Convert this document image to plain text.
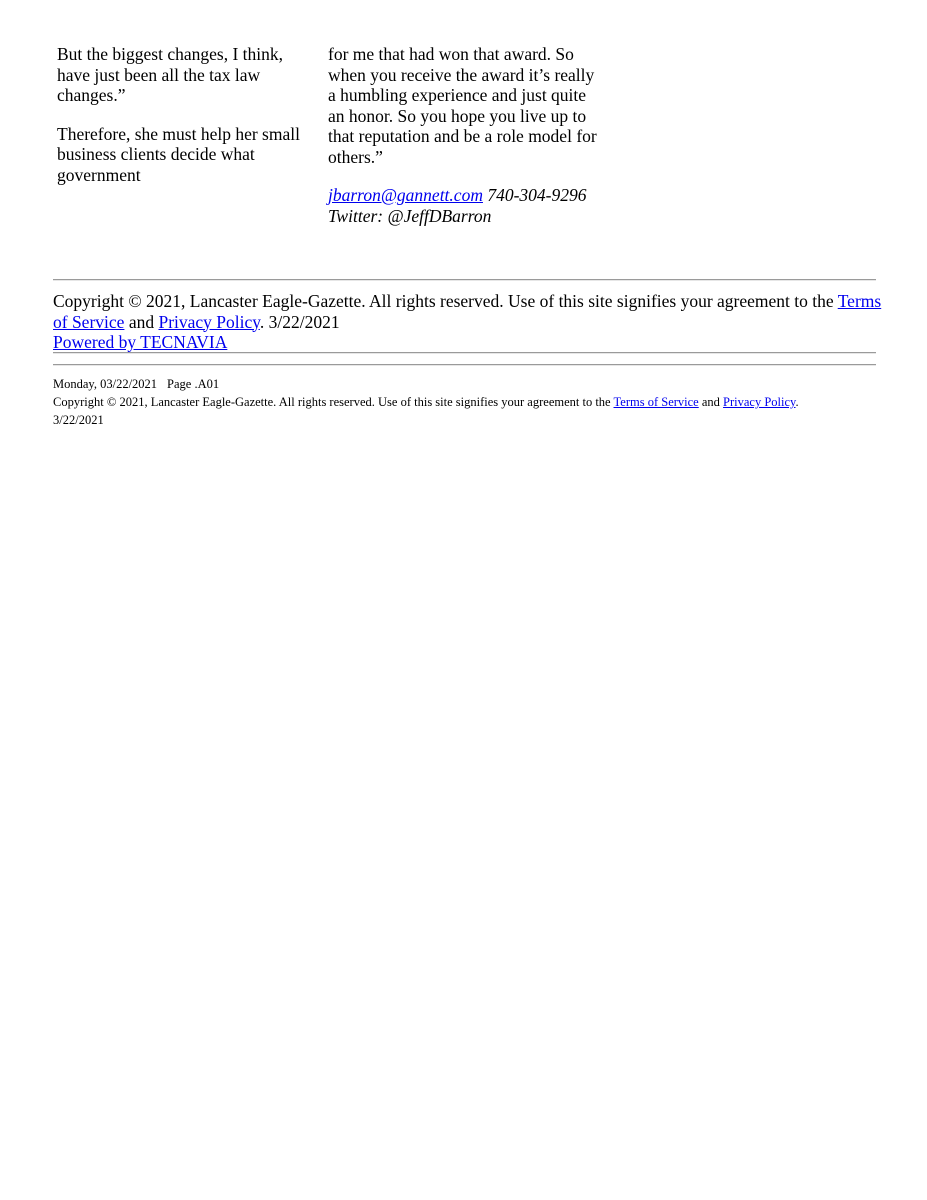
But the biggest changes, I think, have just been all the tax law changes.”

Therefore, she must help her small business clients decide what government

for me that had won that award. So when you receive the award it’s really a humbling experience and just quite an honor. So you hope you live up to that reputation and be a role model for others.”

jbarron@gannett.com 740-304-9296 Twitter: @JeffDBarron

Copyright © 2021, Lancaster Eagle-Gazette. All rights reserved. Use of this site signifies your agreement to the Terms of Service and Privacy Policy. 3/22/2021

Powered by TECNAVIA

Monday, 03/22/2021 Page .A01

Copyright © 2021, Lancaster Eagle-Gazette. All rights reserved. Use of this site signifies your agreement to the Terms of Service and Privacy Policy.

3/22/2021
